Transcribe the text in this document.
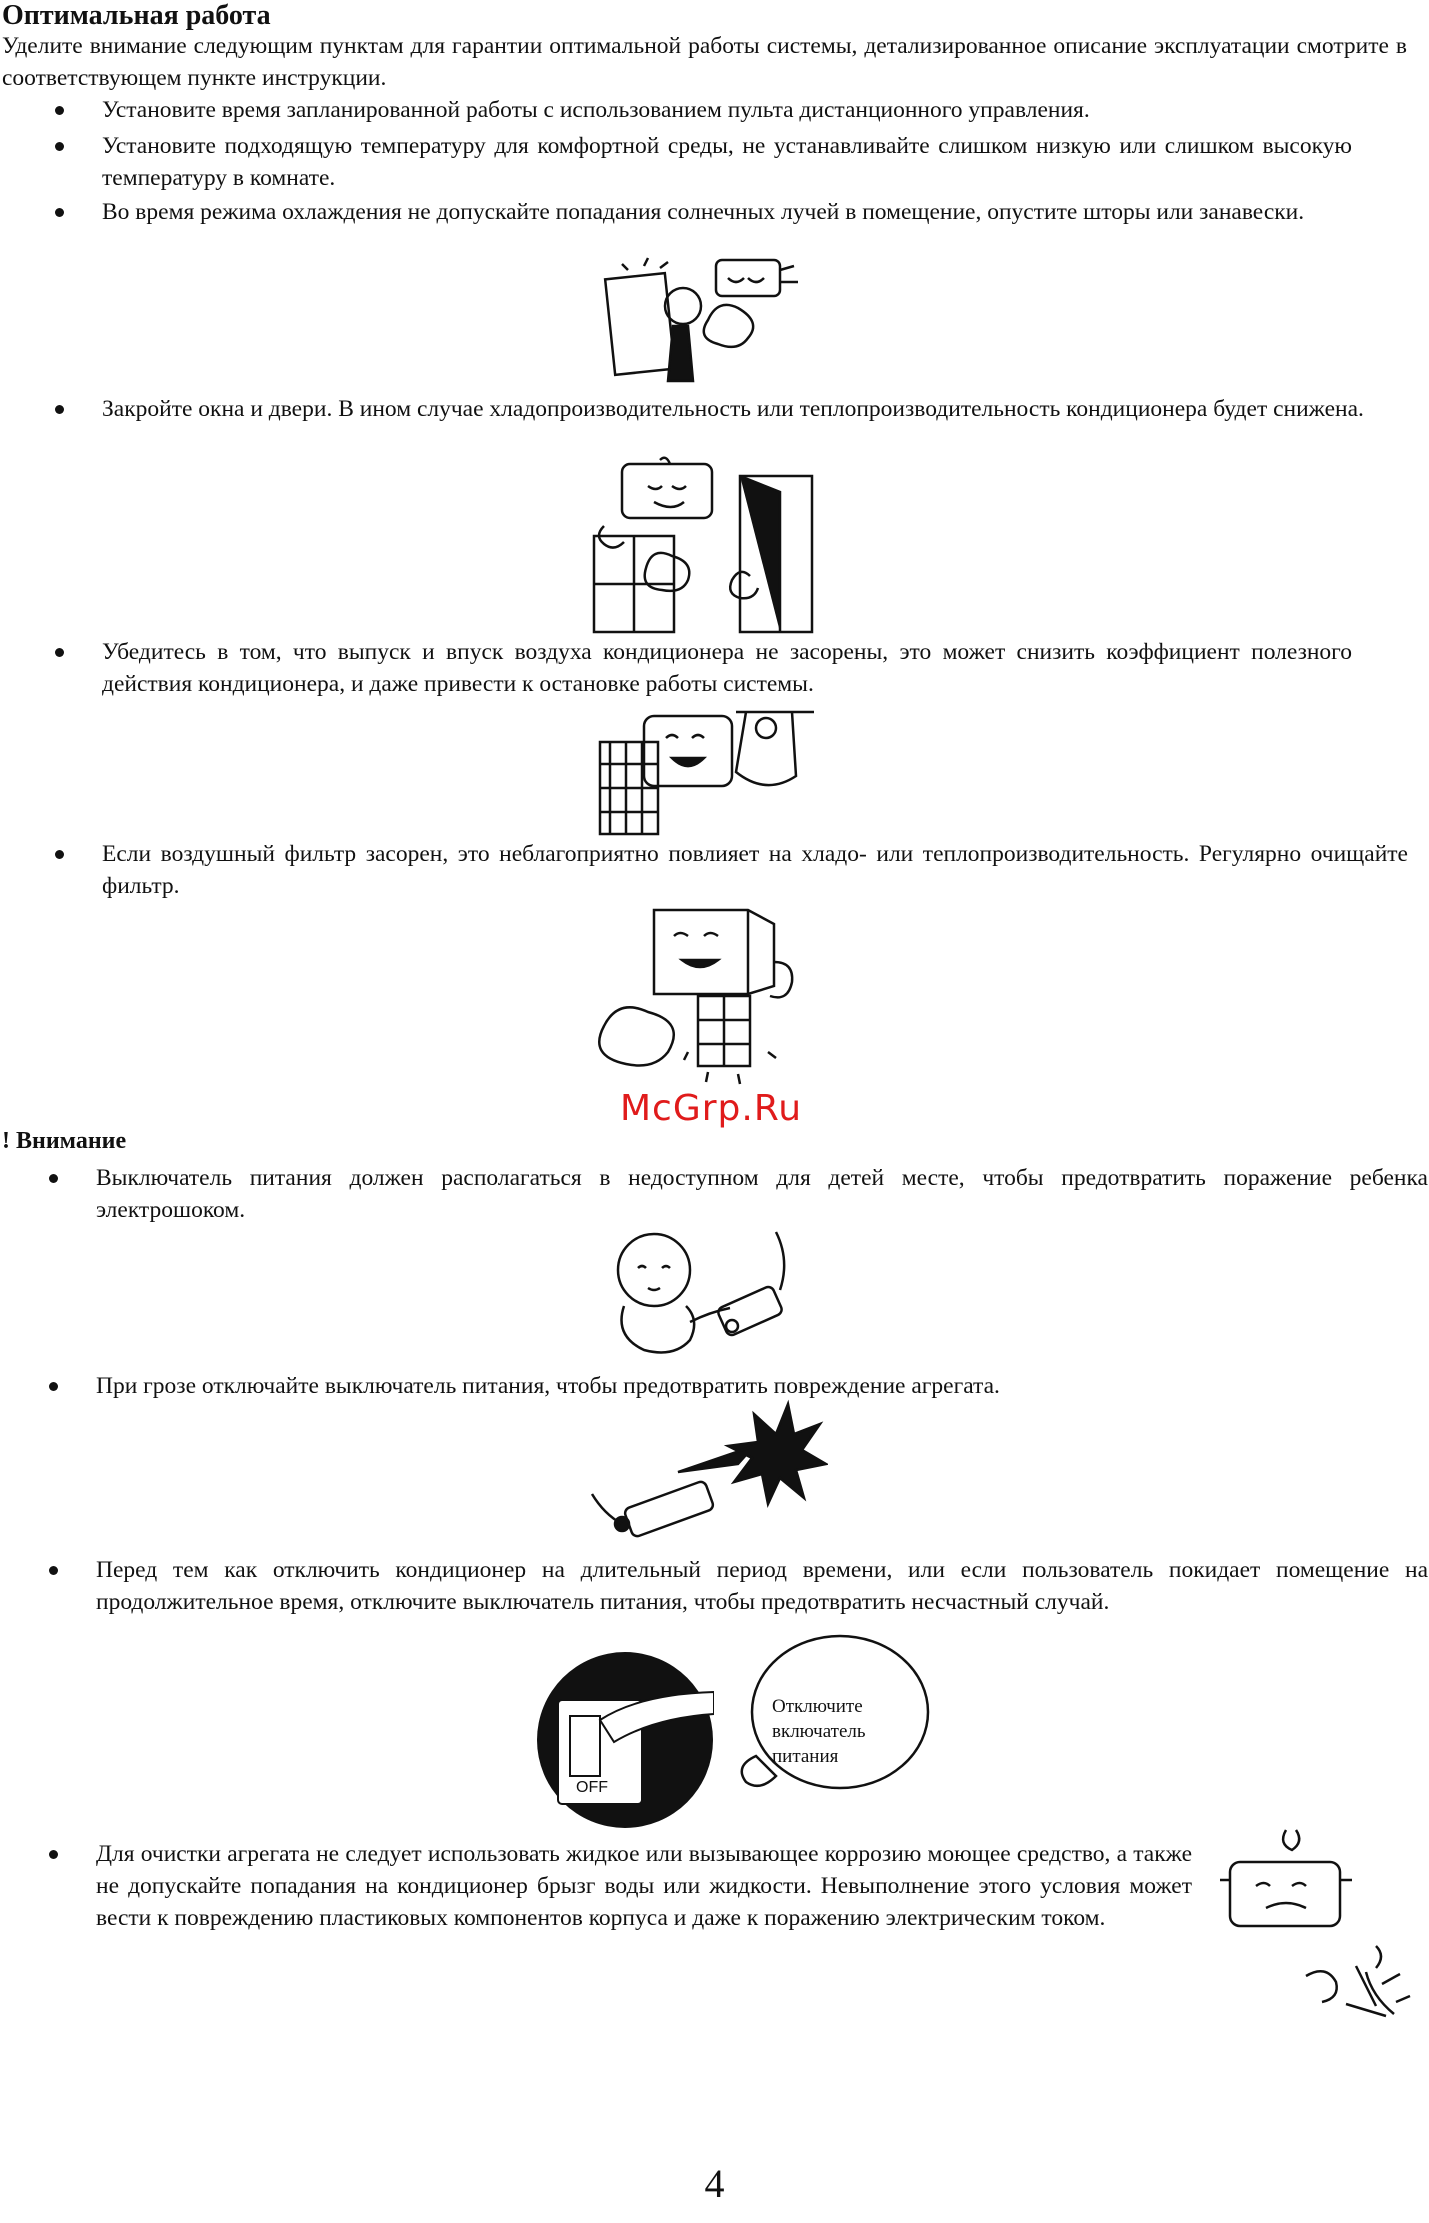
Оптимальная работа
Уделите внимание следующим пунктам для гарантии оптимальной работы системы, детализированное описание эксплуатации смотрите в соответствующем пункте инструкции.
Установите время запланированной работы с использованием пульта дистанционного управления.
Установите подходящую температуру для комфортной среды, не устанавливайте слишком низкую или слишком высокую температуру в комнате.
Во время режима охлаждения не допускайте попадания солнечных лучей в помещение, опустите шторы или занавески.
Закройте окна и двери. В ином случае хладопроизводительность или теплопроизводительность кондиционера будет снижена.
Убедитесь в том, что выпуск и впуск воздуха кондиционера не засорены, это может снизить коэффициент полезного действия кондиционера, и даже привести к остановке работы системы.
Если воздушный фильтр засорен, это неблагоприятно повлияет на хладо- или теплопроизводительность. Регулярно очищайте фильтр.
McGrp.Ru
! Внимание
Выключатель питания должен располагаться в недоступном для детей месте, чтобы предотвратить поражение ребенка электрошоком.
При грозе отключайте выключатель питания, чтобы предотвратить повреждение агрегата.
Перед тем как отключить кондиционер на длительный период времени, или если пользователь покидает помещение на продолжительное время, отключите выключатель питания, чтобы предотвратить несчастный случай.
OFF
Отключите
включатель
питания
Для очистки агрегата не следует использовать жидкое или вызывающее коррозию моющее средство, а также не допускайте попадания на кондиционер брызг воды или жидкости. Невыполнение этого условия может вести к повреждению пластиковых компонентов корпуса и даже к поражению электрическим током.
4
